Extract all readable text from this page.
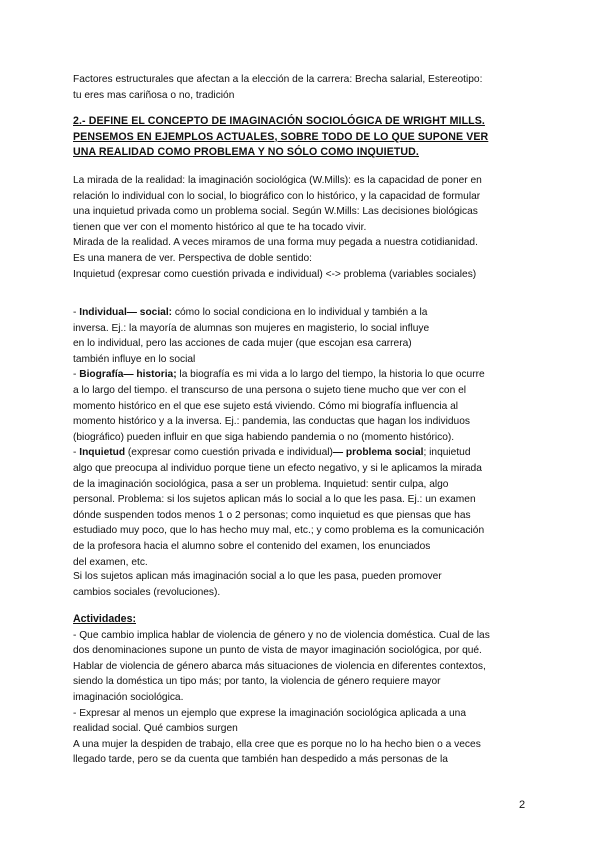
Factores estructurales que afectan a la elección de la carrera: Brecha salarial, Estereotipo:
tu eres mas cariñosa o no, tradición
2.- DEFINE EL CONCEPTO DE IMAGINACIÓN SOCIOLÓGICA DE WRIGHT MILLS.
PENSEMOS EN EJEMPLOS ACTUALES, SOBRE TODO DE LO QUE SUPONE VER
UNA REALIDAD COMO PROBLEMA Y NO SÓLO COMO INQUIETUD.
La mirada de la realidad: la imaginación sociológica (W.Mills): es la capacidad de poner en
relación lo individual con lo social, lo biográfico con lo histórico, y la capacidad de formular
una inquietud privada como un problema social. Según W.Mills: Las decisiones biológicas
tienen que ver con el momento histórico al que te ha tocado vivir.
Mirada de la realidad. A veces miramos de una forma muy pegada a nuestra cotidianidad.
Es una manera de ver. Perspectiva de doble sentido:
Inquietud (expresar como cuestión privada e individual) <-> problema (variables sociales)
- Individual— social: cómo lo social condiciona en lo individual y también a la
inversa. Ej.: la mayoría de alumnas son mujeres en magisterio, lo social influye
en lo individual, pero las acciones de cada mujer (que escojan esa carrera)
también influye en lo social
- Biografía— historia; la biografía es mi vida a lo largo del tiempo, la historia lo que ocurre
a lo largo del tiempo. el transcurso de una persona o sujeto tiene mucho que ver con el
momento histórico en el que ese sujeto está viviendo. Cómo mi biografía influencia al
momento histórico y a la inversa. Ej.: pandemia, las conductas que hagan los individuos
(biográfico) pueden influir en que siga habiendo pandemia o no (momento histórico).
- Inquietud (expresar como cuestión privada e individual)— problema social; inquietud
algo que preocupa al individuo porque tiene un efecto negativo, y si le aplicamos la mirada
de la imaginación sociológica, pasa a ser un problema. Inquietud: sentir culpa, algo
personal. Problema: si los sujetos aplican más lo social a lo que les pasa. Ej.: un examen
dónde suspenden todos menos 1 o 2 personas; como inquietud es que piensas que has
estudiado muy poco, que lo has hecho muy mal, etc.; y como problema es la comunicación
de la profesora hacia el alumno sobre el contenido del examen, los enunciados
del examen, etc.
Si los sujetos aplican más imaginación social a lo que les pasa, pueden promover
cambios sociales (revoluciones).
Actividades:
- Que cambio implica hablar de violencia de género y no de violencia doméstica. Cual de las
dos denominaciones supone un punto de vista de mayor imaginación sociológica, por qué.
Hablar de violencia de género abarca más situaciones de violencia en diferentes contextos,
siendo la doméstica un tipo más; por tanto, la violencia de género requiere mayor
imaginación sociológica.
- Expresar al menos un ejemplo que exprese la imaginación sociológica aplicada a una
realidad social. Qué cambios surgen
A una mujer la despiden de trabajo, ella cree que es porque no lo ha hecho bien o a veces
llegado tarde, pero se da cuenta que también han despedido a más personas de la
2
